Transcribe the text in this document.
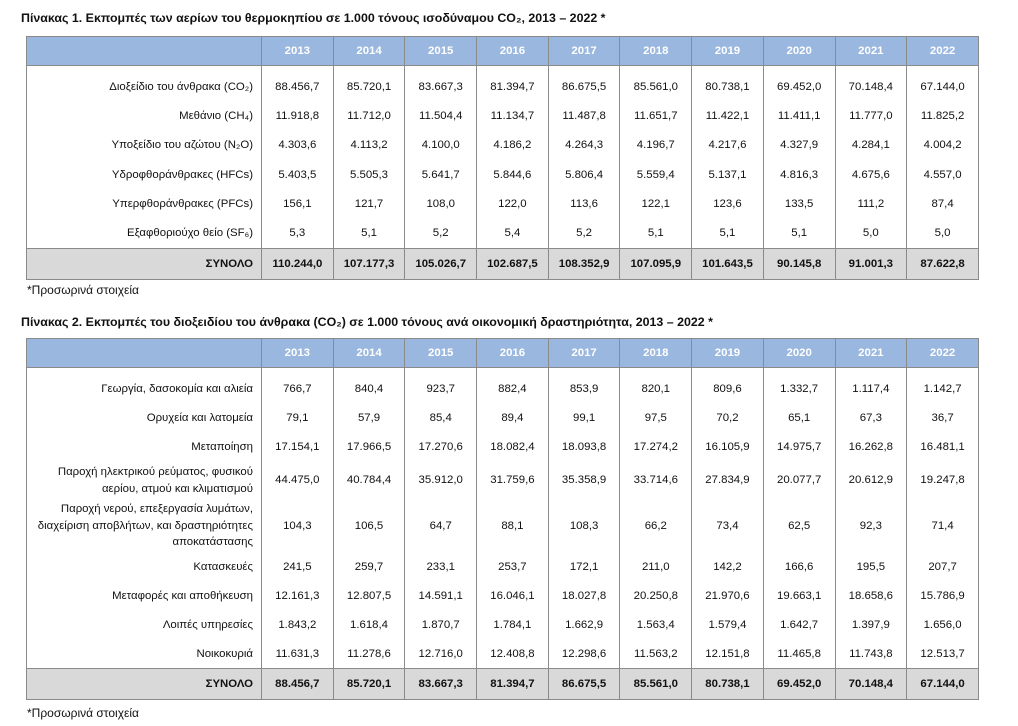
Πίνακας 1. Εκπομπές των αερίων του θερμοκηπίου σε 1.000 τόνους ισοδύναμου CO₂, 2013 – 2022 *
	2013	2014	2015	2016	2017	2018	2019	2020	2021	2022

Διοξείδιο του άνθρακα (CO₂)	88.456,7	85.720,1	83.667,3	81.394,7	86.675,5	85.561,0	80.738,1	69.452,0	70.148,4	67.144,0
Μεθάνιο (CH₄)	11.918,8	11.712,0	11.504,4	11.134,7	11.487,8	11.651,7	11.422,1	11.411,1	11.777,0	11.825,2
Υποξείδιο του αζώτου (N₂O)	4.303,6	4.113,2	4.100,0	4.186,2	4.264,3	4.196,7	4.217,6	4.327,9	4.284,1	4.004,2
Υδροφθοράνθρακες (HFCs)	5.403,5	5.505,3	5.641,7	5.844,6	5.806,4	5.559,4	5.137,1	4.816,3	4.675,6	4.557,0
Υπερφθοράνθρακες (PFCs)	156,1	121,7	108,0	122,0	113,6	122,1	123,6	133,5	111,2	87,4
Εξαφθοριούχο θείο (SF₆)	5,3	5,1	5,2	5,4	5,2	5,1	5,1	5,1	5,0	5,0
ΣΥΝΟΛΟ	110.244,0	107.177,3	105.026,7	102.687,5	108.352,9	107.095,9	101.643,5	90.145,8	91.001,3	87.622,8
*Προσωρινά στοιχεία
Πίνακας 2. Εκπομπές του διοξειδίου του άνθρακα (CO₂) σε 1.000 τόνους ανά οικονομική δραστηριότητα, 2013 – 2022 *
	2013	2014	2015	2016	2017	2018	2019	2020	2021	2022

Γεωργία, δασοκομία και αλιεία	766,7	840,4	923,7	882,4	853,9	820,1	809,6	1.332,7	1.117,4	1.142,7
Ορυχεία και λατομεία	79,1	57,9	85,4	89,4	99,1	97,5	70,2	65,1	67,3	36,7
Μεταποίηση	17.154,1	17.966,5	17.270,6	18.082,4	18.093,8	17.274,2	16.105,9	14.975,7	16.262,8	16.481,1
Παροχή ηλεκτρικού ρεύματος, φυσικού αερίου, ατμού και κλιματισμού	44.475,0	40.784,4	35.912,0	31.759,6	35.358,9	33.714,6	27.834,9	20.077,7	20.612,9	19.247,8
Παροχή νερού, επεξεργασία λυμάτων, διαχείριση αποβλήτων, και δραστηριότητες αποκατάστασης	104,3	106,5	64,7	88,1	108,3	66,2	73,4	62,5	92,3	71,4
Κατασκευές	241,5	259,7	233,1	253,7	172,1	211,0	142,2	166,6	195,5	207,7
Μεταφορές και αποθήκευση	12.161,3	12.807,5	14.591,1	16.046,1	18.027,8	20.250,8	21.970,6	19.663,1	18.658,6	15.786,9
Λοιπές υπηρεσίες	1.843,2	1.618,4	1.870,7	1.784,1	1.662,9	1.563,4	1.579,4	1.642,7	1.397,9	1.656,0
Νοικοκυριά	11.631,3	11.278,6	12.716,0	12.408,8	12.298,6	11.563,2	12.151,8	11.465,8	11.743,8	12.513,7
ΣΥΝΟΛΟ	88.456,7	85.720,1	83.667,3	81.394,7	86.675,5	85.561,0	80.738,1	69.452,0	70.148,4	67.144,0
*Προσωρινά στοιχεία
